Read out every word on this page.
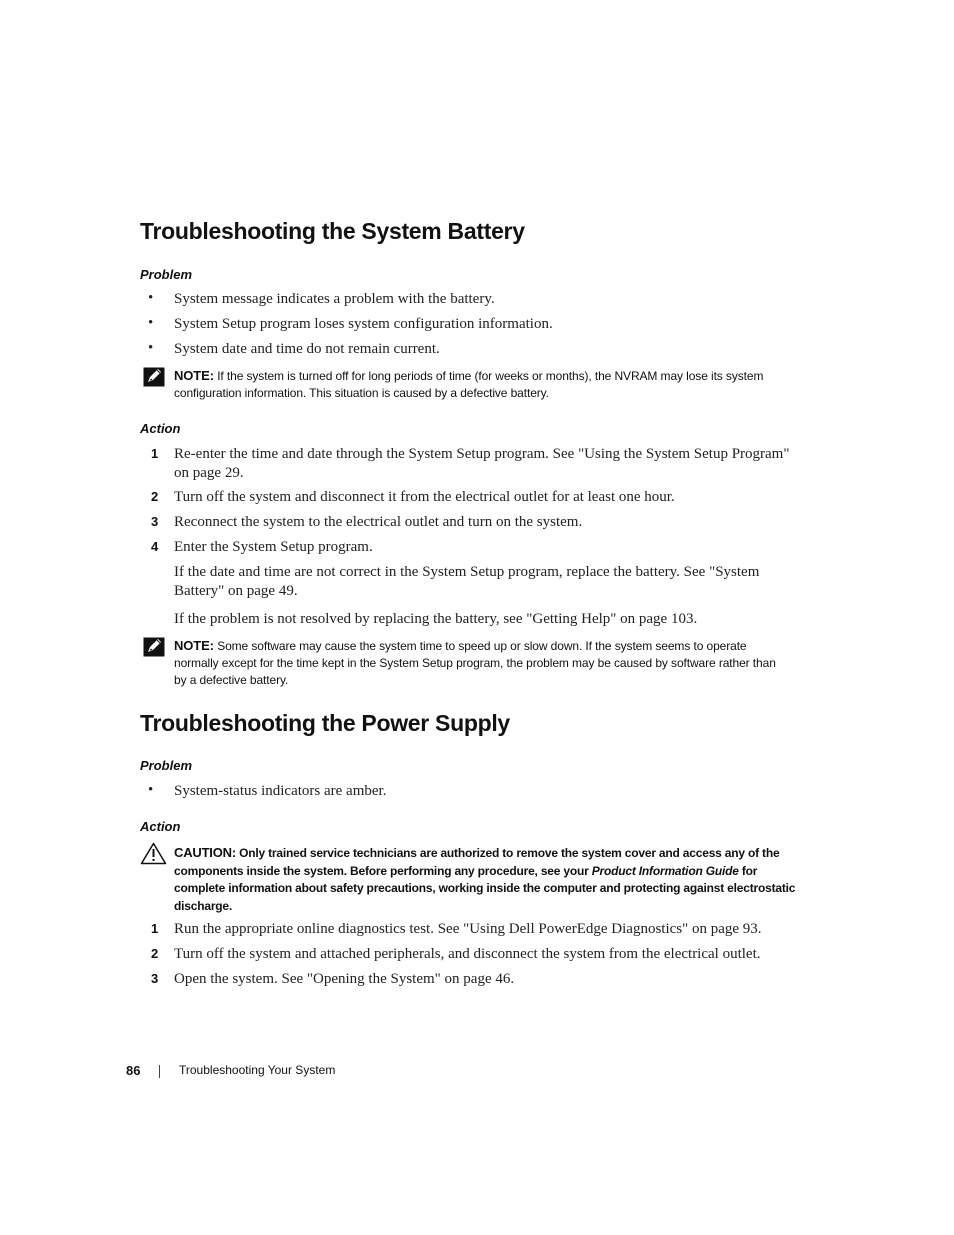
Troubleshooting the System Battery
Problem
• System message indicates a problem with the battery.
• System Setup program loses system configuration information.
• System date and time do not remain current.
NOTE: If the system is turned off for long periods of time (for weeks or months), the NVRAM may lose its system
configuration information. This situation is caused by a defective battery.
Action
1 Re-enter the time and date through the System Setup program. See "Using the System Setup Program"
on page 29.
2 Turn off the system and disconnect it from the electrical outlet for at least one hour.
3 Reconnect the system to the electrical outlet and turn on the system.
4 Enter the System Setup program.
If the date and time are not correct in the System Setup program, replace the battery. See "System
Battery" on page 49.
If the problem is not resolved by replacing the battery, see "Getting Help" on page 103.
NOTE: Some software may cause the system time to speed up or slow down. If the system seems to operate
normally except for the time kept in the System Setup program, the problem may be caused by software rather than
by a defective battery.
Troubleshooting the Power Supply
Problem
• System-status indicators are amber.
Action
CAUTION: Only trained service technicians are authorized to remove the system cover and access any of the
components inside the system. Before performing any procedure, see your Product Information Guide for
complete information about safety precautions, working inside the computer and protecting against electrostatic
discharge.
1 Run the appropriate online diagnostics test. See "Using Dell PowerEdge Diagnostics" on page 93.
2 Turn off the system and attached peripherals, and disconnect the system from the electrical outlet.
3 Open the system. See "Opening the System" on page 46.
86	Troubleshooting Your System
